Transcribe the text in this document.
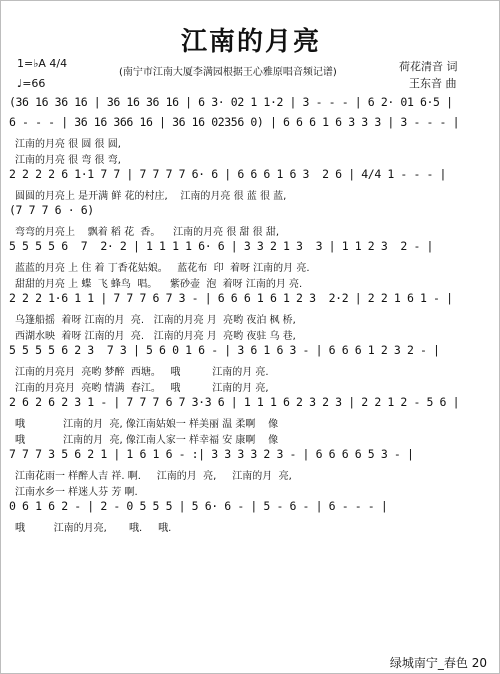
江南的月亮
1=♭A 4/4
♩=66
(南宁市江南大厦李满园根据王心雅原唱音频记谱)	荷花清音 词
王东音 曲
(36 16 36 16 | 36 16 36 16 | 6 3· 02 1 1·2 | 3 - - - | 6 2· 01 6·5 |
6 - - - | 36 16 366 16 | 36 16 02356 0) | 6 6 6 1 6 3 3 3 | 3 - - - |
江南的月亮 很 圆 很 圆,
江南的月亮 很 弯 很 弯,
2 2 2 2 6 1·1 7 7 | 7 7 7 7 6· 6 | 6 6 6 1 6 3  2 6 | 4/4 1 - - - |
圆圆的月亮上 是开满 鲜 花的村庄,    江南的月亮 很 蓝 很 蓝,
(7 7 7 6 · 6)
弯弯的月亮上    飘着 稻 花  香。    江南的月亮 很 甜 很 甜,
5 5 5 5 6  7  2· 2 | 1 1 1 1 6· 6 | 3 3 2 1 3  3 | 1 1 2 3  2 - |
蓝蓝的月亮 上 住 着 丁香花姑娘。   蓝花布  印  着呀 江南的月 亮.
甜甜的月亮 上 蝶  飞 蜂鸟  唱。    紫砂壶  泡  着呀 江南的月 亮.
2 2 2 1·6 1 1 | 7 7 7 6 7 3 - | 6 6 6 1 6 1 2 3  2·2 | 2 2 1 6 1 - |
乌篷船摇  着呀 江南的月  亮.   江南的月亮 月  亮哟 夜泊 枫 桥,
西湖水映  着呀 江南的月  亮.   江南的月亮 月  亮哟 夜驻 乌 巷,
5 5 5 5 6 2 3  7 3 | 5 6 0 1 6 - | 3 6 1 6 3 - | 6 6 6 1 2 3 2 - |
江南的月亮月  亮哟 梦醉  西塘。   哦          江南的月 亮.
江南的月亮月  亮哟 情满  春江。   哦          江南的月 亮,
2 6 2 6 2 3 1 - | 7 7 7 6 7 3·3 6 | 1 1 1 6 2 3 2 3 | 2 2 1 2 - 5 6 |
哦            江南的月  亮, 像江南姑娘一 样美丽 温 柔啊    像
哦            江南的月  亮, 像江南人家一 样幸福 安 康啊    像
7 7 7 3 5 6 2 1 | 1 6 1 6 - :| 3 3 3 3 2 3 - | 6 6 6 6 5 3 - |
江南花雨一 样醉人吉 祥. 啊.     江南的月  亮,     江南的月  亮,
江南水乡一 样迷人芬 芳 啊.
0 6 1 6 2 - | 2 - 0 5 5 5 | 5 6· 6 - | 5 - 6 - | 6 - - - |
哦         江南的月亮,       哦.     哦.
绿城南宁_春色 20
